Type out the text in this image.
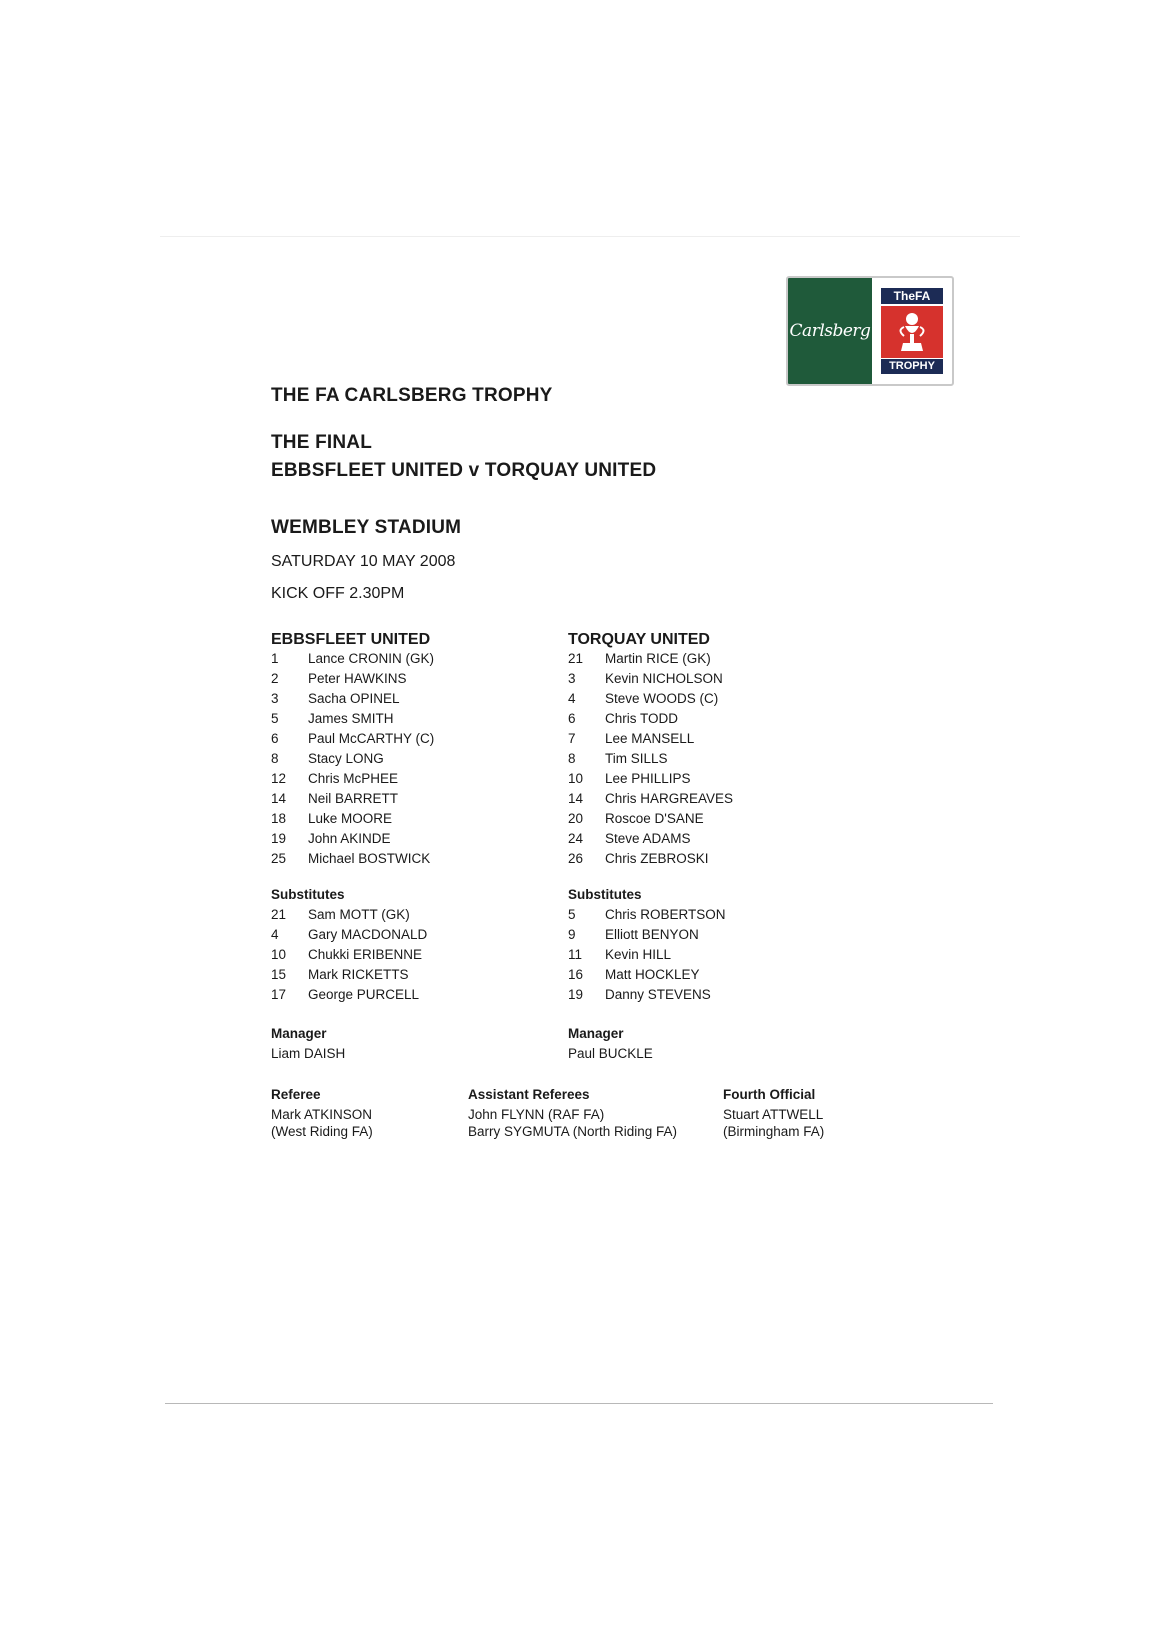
Carlsberg
TheFA
TROPHY
THE FA CARLSBERG TROPHY
THE FINAL
EBBSFLEET UNITED v TORQUAY UNITED
WEMBLEY STADIUM
SATURDAY 10 MAY 2008
KICK OFF 2.30PM
EBBSFLEET UNITED
1 Lance CRONIN (GK)
2 Peter HAWKINS
3 Sacha OPINEL
5 James SMITH
6 Paul McCARTHY (C)
8 Stacy LONG
12 Chris McPHEE
14 Neil BARRETT
18 Luke MOORE
19 John AKINDE
25 Michael BOSTWICK
Substitutes
21 Sam MOTT (GK)
4 Gary MACDONALD
10 Chukki ERIBENNE
15 Mark RICKETTS
17 George PURCELL
Manager
Liam DAISH
TORQUAY UNITED
21 Martin RICE (GK)
3 Kevin NICHOLSON
4 Steve WOODS (C)
6 Chris TODD
7 Lee MANSELL
8 Tim SILLS
10 Lee PHILLIPS
14 Chris HARGREAVES
20 Roscoe D'SANE
24 Steve ADAMS
26 Chris ZEBROSKI
Substitutes
5 Chris ROBERTSON
9 Elliott BENYON
11 Kevin HILL
16 Matt HOCKLEY
19 Danny STEVENS
Manager
Paul BUCKLE
Referee
Mark ATKINSON
(West Riding FA)
Assistant Referees
John FLYNN (RAF FA)
Barry SYGMUTA (North Riding FA)
Fourth Official
Stuart ATTWELL
(Birmingham FA)
